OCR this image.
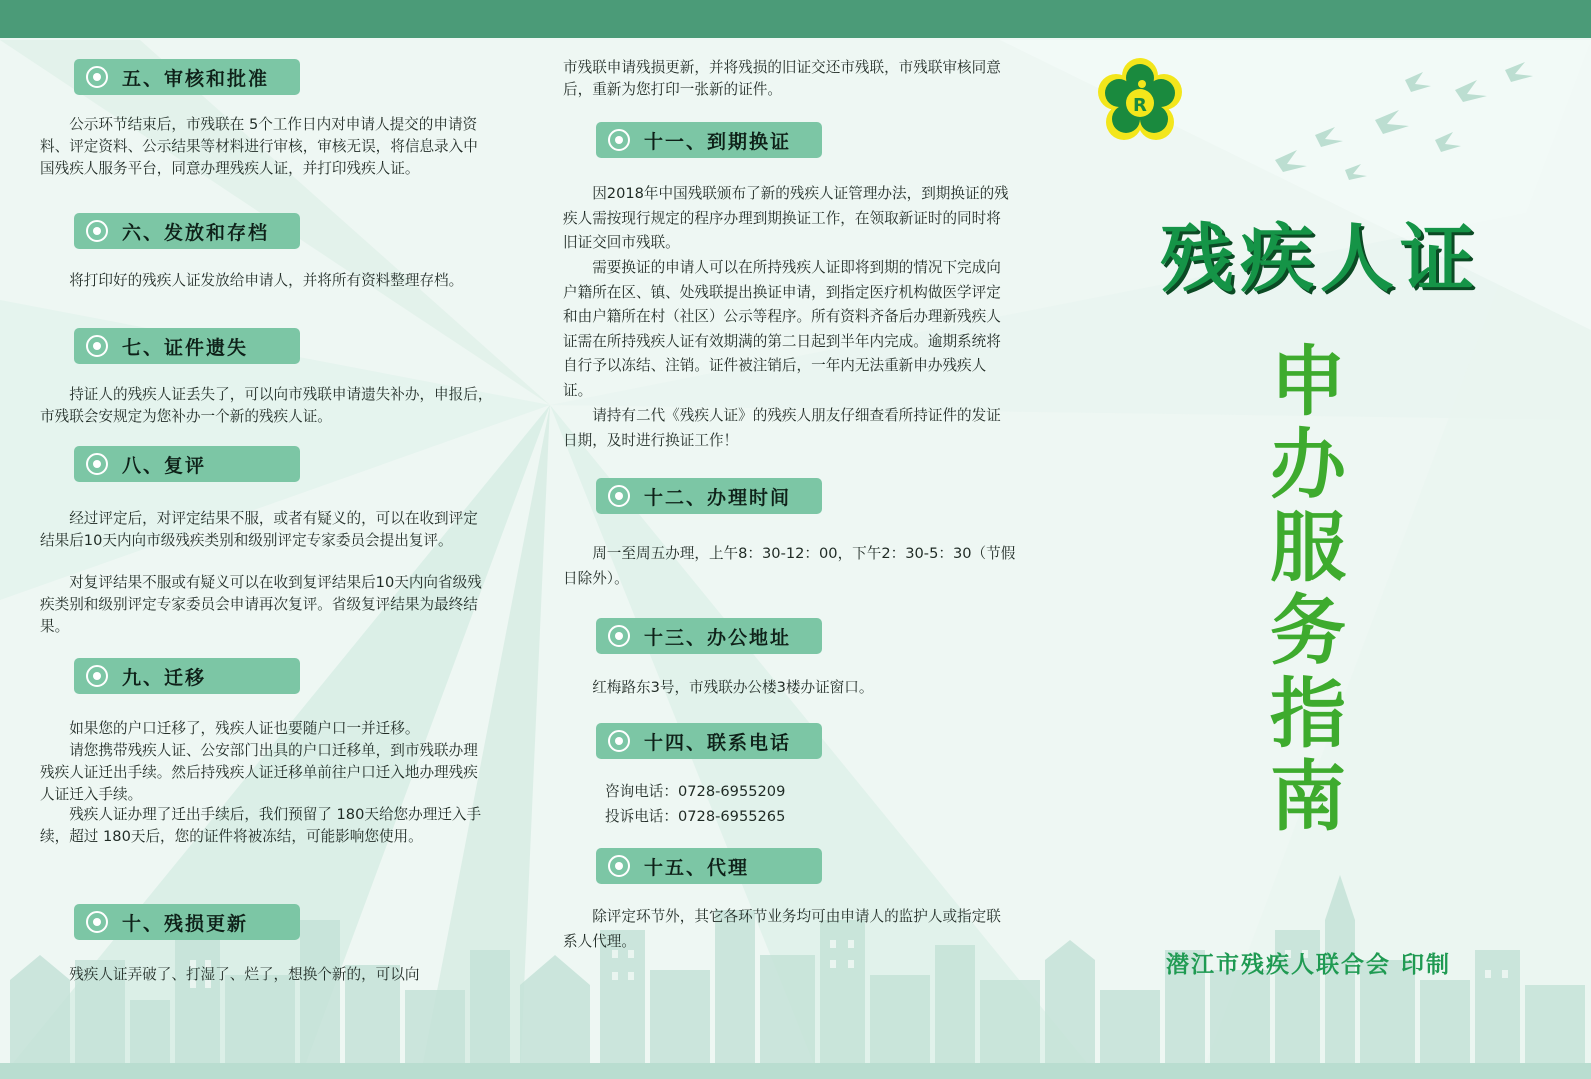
五、审核和批准

公示环节结束后，市残联在 5个工作日内对申请人提交的申请资料、评定资料、公示结果等材料进行审核，审核无误，将信息录入中国残疾人服务平台，同意办理残疾人证，并打印残疾人证。

六、发放和存档

将打印好的残疾人证发放给申请人，并将所有资料整理存档。

七、证件遗失

持证人的残疾人证丢失了，可以向市残联申请遗失补办，申报后，市残联会安规定为您补办一个新的残疾人证。

八、复评

经过评定后，对评定结果不服，或者有疑义的，可以在收到评定结果后10天内向市级残疾类别和级别评定专家委员会提出复评。

对复评结果不服或有疑义可以在收到复评结果后10天内向省级残疾类别和级别评定专家委员会申请再次复评。省级复评结果为最终结果。

九、迁移

如果您的户口迁移了，残疾人证也要随户口一并迁移。

请您携带残疾人证、公安部门出具的户口迁移单，到市残联办理残疾人证迁出手续。然后持残疾人证迁移单前往户口迁入地办理残疾人证迁入手续。

残疾人证办理了迁出手续后，我们预留了 180天给您办理迁入手续，超过 180天后，您的证件将被冻结，可能影响您使用。

十、残损更新

残疾人证弄破了、打湿了、烂了，想换个新的，可以向

市残联申请残损更新，并将残损的旧证交还市残联，市残联审核同意后，重新为您打印一张新的证件。

十一、到期换证

因2018年中国残联颁布了新的残疾人证管理办法，到期换证的残疾人需按现行规定的程序办理到期换证工作，在领取新证时的同时将旧证交回市残联。

需要换证的申请人可以在所持残疾人证即将到期的情况下完成向户籍所在区、镇、处残联提出换证申请，到指定医疗机构做医学评定和由户籍所在村（社区）公示等程序。所有资料齐备后办理新残疾人证需在所持残疾人证有效期满的第二日起到半年内完成。逾期系统将自行予以冻结、注销。证件被注销后，一年内无法重新申办残疾人证。

请持有二代《残疾人证》的残疾人朋友仔细查看所持证件的发证日期，及时进行换证工作！

十二、办理时间

周一至周五办理，上午8：30-12：00，下午2：30-5：30（节假日除外）。

十三、办公地址

红梅路东3号，市残联办公楼3楼办证窗口。

十四、联系电话

咨询电话：0728-6955209

投诉电话：0728-6955265

十五、代理

除评定环节外，其它各环节业务均可由申请人的监护人或指定联系人代理。

R
残疾人证
申
办
服
务
指
南

潜江市残疾人联合会 印制
